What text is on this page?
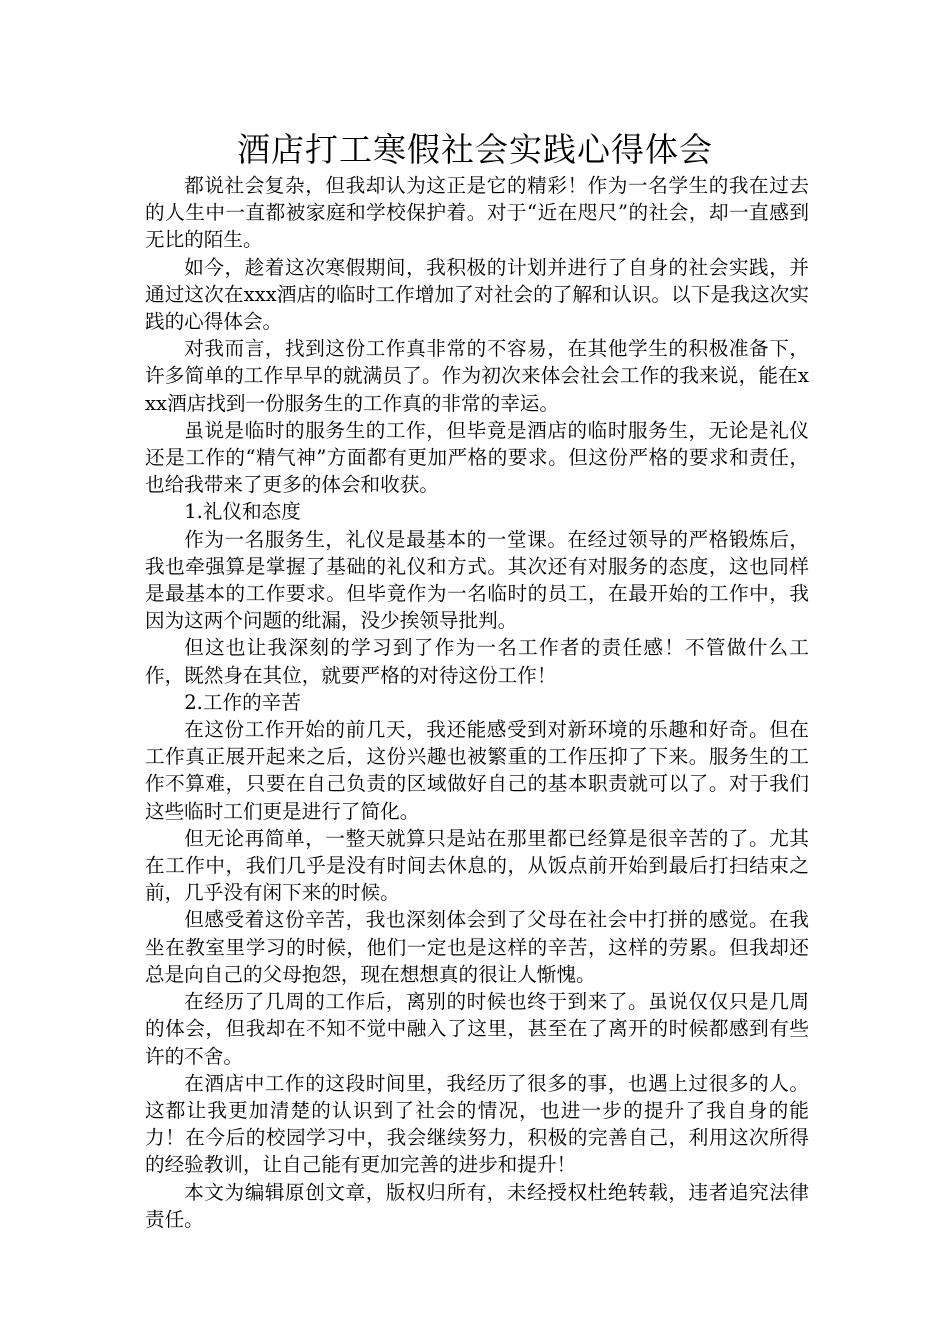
酒店打工寒假社会实践心得体会

都说社会复杂，但我却认为这正是它的精彩！作为一名学生的我在过去的人生中一直都被家庭和学校保护着。对于“近在咫尺”的社会，却一直感到无比的陌生。

如今，趁着这次寒假期间，我积极的计划并进行了自身的社会实践，并通过这次在xxx酒店的临时工作增加了对社会的了解和认识。以下是我这次实践的心得体会。

对我而言，找到这份工作真非常的不容易，在其他学生的积极准备下，许多简单的工作早早的就满员了。作为初次来体会社会工作的我来说，能在xxx酒店找到一份服务生的工作真的非常的幸运。

虽说是临时的服务生的工作，但毕竟是酒店的临时服务生，无论是礼仪还是工作的“精气神”方面都有更加严格的要求。但这份严格的要求和责任，也给我带来了更多的体会和收获。

1.礼仪和态度

作为一名服务生，礼仪是最基本的一堂课。在经过领导的严格锻炼后，我也牵强算是掌握了基础的礼仪和方式。其次还有对服务的态度，这也同样是最基本的工作要求。但毕竟作为一名临时的员工，在最开始的工作中，我因为这两个问题的纰漏，没少挨领导批判。

但这也让我深刻的学习到了作为一名工作者的责任感！不管做什么工作，既然身在其位，就要严格的对待这份工作！

2.工作的辛苦

在这份工作开始的前几天，我还能感受到对新环境的乐趣和好奇。但在工作真正展开起来之后，这份兴趣也被繁重的工作压抑了下来。服务生的工作不算难，只要在自己负责的区域做好自己的基本职责就可以了。对于我们这些临时工们更是进行了简化。

但无论再简单，一整天就算只是站在那里都已经算是很辛苦的了。尤其在工作中，我们几乎是没有时间去休息的，从饭点前开始到最后打扫结束之前，几乎没有闲下来的时候。

但感受着这份辛苦，我也深刻体会到了父母在社会中打拼的感觉。在我坐在教室里学习的时候，他们一定也是这样的辛苦，这样的劳累。但我却还总是向自己的父母抱怨，现在想想真的很让人惭愧。

在经历了几周的工作后，离别的时候也终于到来了。虽说仅仅只是几周的体会，但我却在不知不觉中融入了这里，甚至在了离开的时候都感到有些许的不舍。

在酒店中工作的这段时间里，我经历了很多的事，也遇上过很多的人。这都让我更加清楚的认识到了社会的情况，也进一步的提升了我自身的能力！在今后的校园学习中，我会继续努力，积极的完善自己，利用这次所得的经验教训，让自己能有更加完善的进步和提升！

本文为编辑原创文章，版权归所有，未经授权杜绝转载，违者追究法律责任。
